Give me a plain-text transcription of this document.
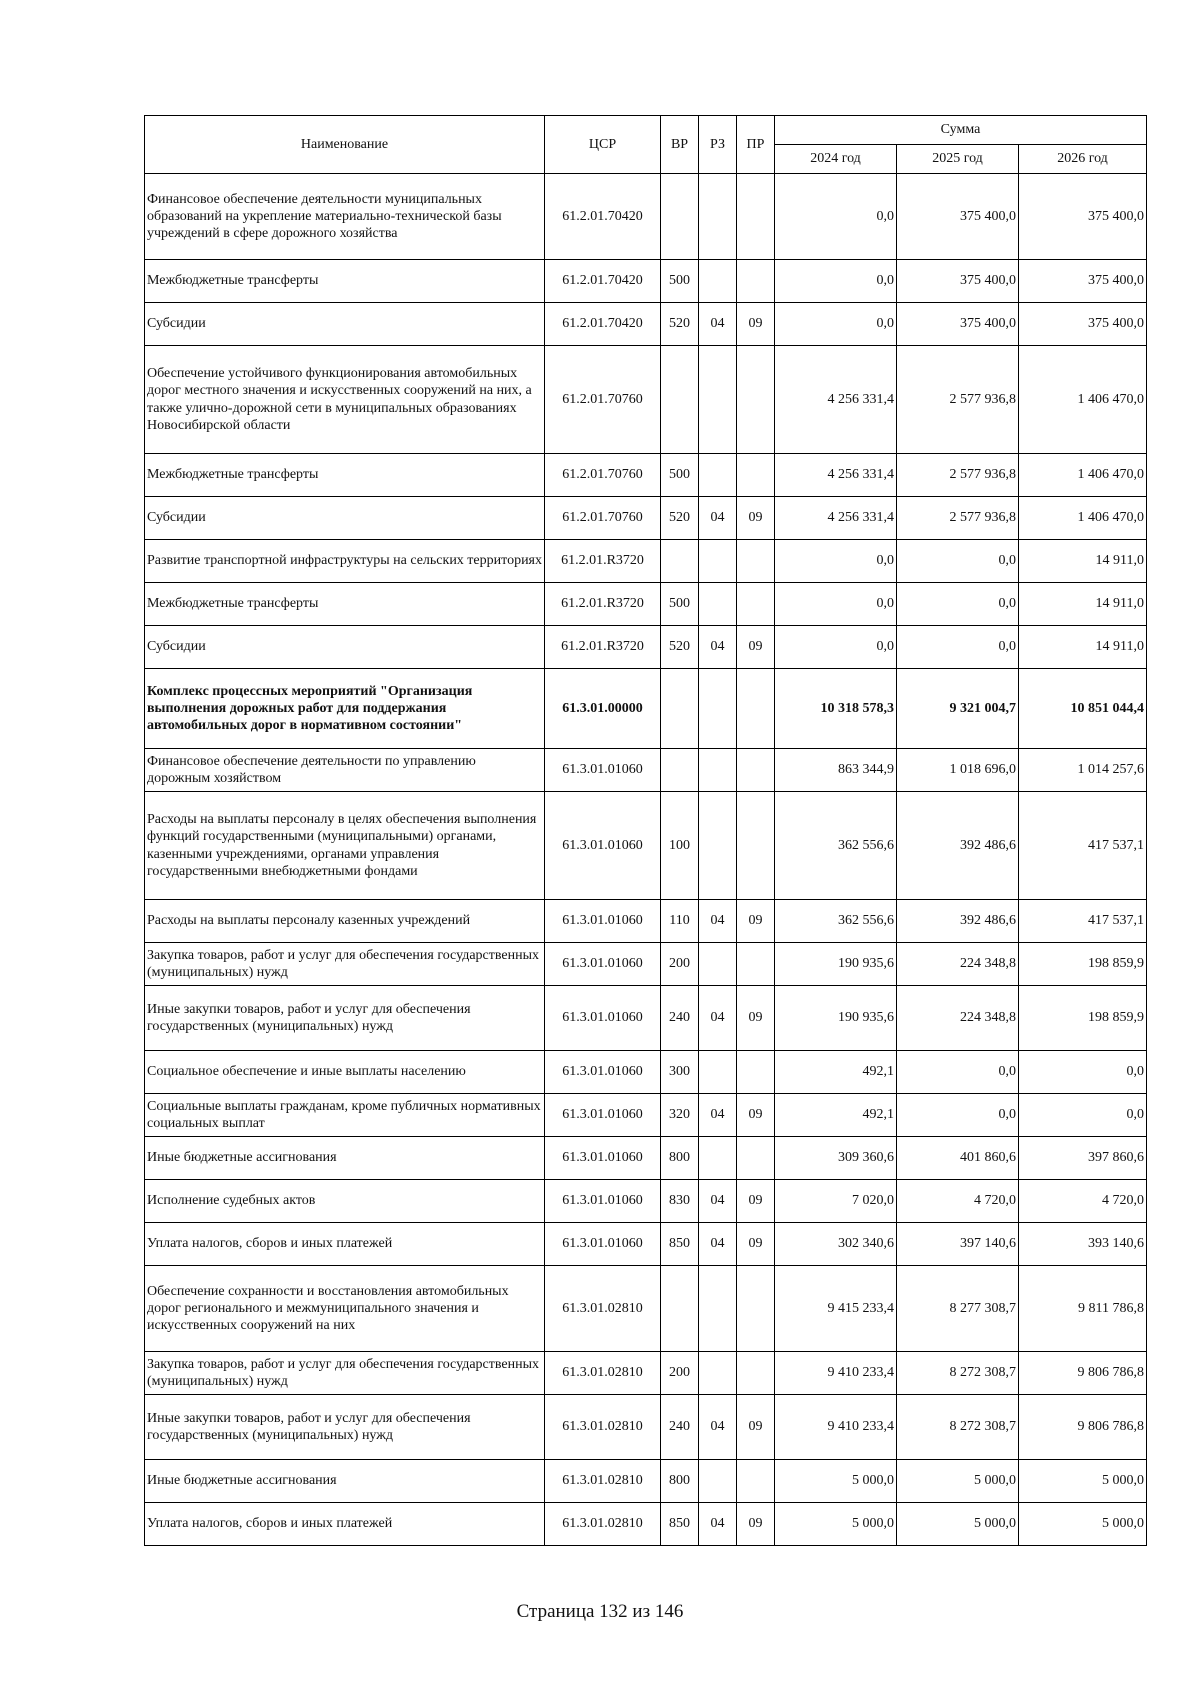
Наименование	ЦСР	ВР	РЗ	ПР	Сумма		
					2024 год	2025 год	2026 год
Финансовое обеспечение деятельности муниципальных образований на укрепление материально-технической базы учреждений в сфере дорожного хозяйства	61.2.01.70420				0,0	375 400,0	375 400,0
Межбюджетные трансферты	61.2.01.70420	500			0,0	375 400,0	375 400,0
Субсидии	61.2.01.70420	520	04	09	0,0	375 400,0	375 400,0
Обеспечение устойчивого функционирования автомобильных дорог местного значения и искусственных сооружений на них, а также улично-дорожной сети в муниципальных образованиях Новосибирской области	61.2.01.70760				4 256 331,4	2 577 936,8	1 406 470,0
Межбюджетные трансферты	61.2.01.70760	500			4 256 331,4	2 577 936,8	1 406 470,0
Субсидии	61.2.01.70760	520	04	09	4 256 331,4	2 577 936,8	1 406 470,0
Развитие транспортной инфраструктуры на сельских территориях	61.2.01.R3720				0,0	0,0	14 911,0
Межбюджетные трансферты	61.2.01.R3720	500			0,0	0,0	14 911,0
Субсидии	61.2.01.R3720	520	04	09	0,0	0,0	14 911,0
Комплекс процессных мероприятий "Организация выполнения дорожных работ для поддержания автомобильных дорог в нормативном состоянии"	61.3.01.00000				10 318 578,3	9 321 004,7	10 851 044,4
Финансовое обеспечение деятельности по управлению дорожным хозяйством	61.3.01.01060				863 344,9	1 018 696,0	1 014 257,6
Расходы на выплаты персоналу в целях обеспечения выполнения функций государственными (муниципальными) органами, казенными учреждениями, органами управления государственными внебюджетными фондами	61.3.01.01060	100			362 556,6	392 486,6	417 537,1
Расходы на выплаты персоналу казенных учреждений	61.3.01.01060	110	04	09	362 556,6	392 486,6	417 537,1
Закупка товаров, работ и услуг для обеспечения государственных (муниципальных) нужд	61.3.01.01060	200			190 935,6	224 348,8	198 859,9
Иные закупки товаров, работ и услуг для обеспечения государственных (муниципальных) нужд	61.3.01.01060	240	04	09	190 935,6	224 348,8	198 859,9
Социальное обеспечение и иные выплаты населению	61.3.01.01060	300			492,1	0,0	0,0
Социальные выплаты гражданам, кроме публичных нормативных социальных выплат	61.3.01.01060	320	04	09	492,1	0,0	0,0
Иные бюджетные ассигнования	61.3.01.01060	800			309 360,6	401 860,6	397 860,6
Исполнение судебных актов	61.3.01.01060	830	04	09	7 020,0	4 720,0	4 720,0
Уплата налогов, сборов и иных платежей	61.3.01.01060	850	04	09	302 340,6	397 140,6	393 140,6
Обеспечение сохранности и восстановления автомобильных дорог регионального и межмуниципального значения и искусственных сооружений на них	61.3.01.02810				9 415 233,4	8 277 308,7	9 811 786,8
Закупка товаров, работ и услуг для обеспечения государственных (муниципальных) нужд	61.3.01.02810	200			9 410 233,4	8 272 308,7	9 806 786,8
Иные закупки товаров, работ и услуг для обеспечения государственных (муниципальных) нужд	61.3.01.02810	240	04	09	9 410 233,4	8 272 308,7	9 806 786,8
Иные бюджетные ассигнования	61.3.01.02810	800			5 000,0	5 000,0	5 000,0
Уплата налогов, сборов и иных платежей	61.3.01.02810	850	04	09	5 000,0	5 000,0	5 000,0
Страница 132 из 146
